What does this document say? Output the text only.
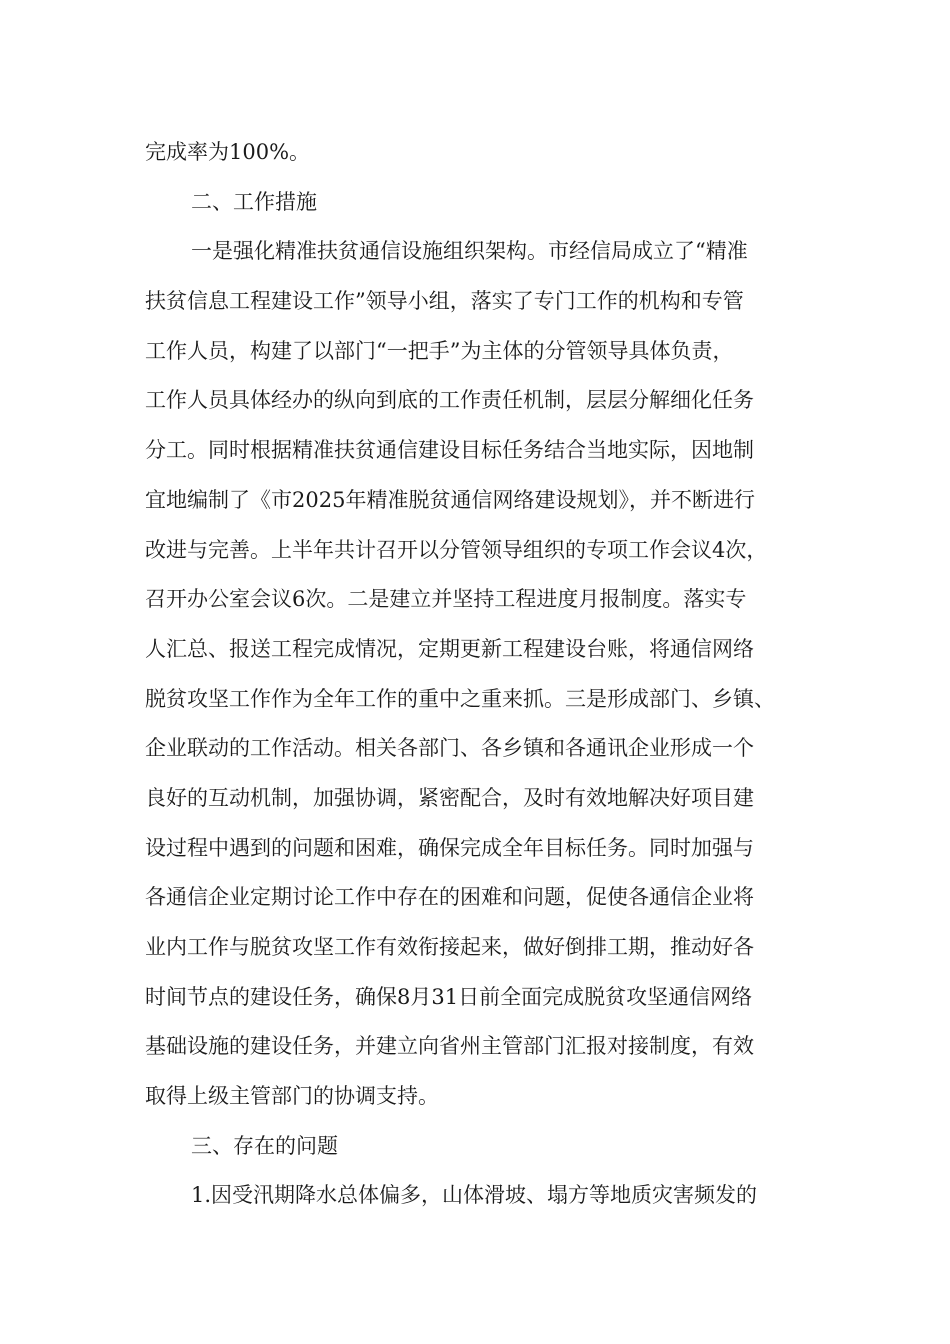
完成率为100%。
二、工作措施
一是强化精准扶贫通信设施组织架构。市经信局成立了“精准
扶贫信息工程建设工作”领导小组，落实了专门工作的机构和专管
工作人员，构建了以部门“一把手”为主体的分管领导具体负责，
工作人员具体经办的纵向到底的工作责任机制，层层分解细化任务
分工。同时根据精准扶贫通信建设目标任务结合当地实际，因地制
宜地编制了《市2025年精准脱贫通信网络建设规划》，并不断进行
改进与完善。上半年共计召开以分管领导组织的专项工作会议4次，
召开办公室会议6次。二是建立并坚持工程进度月报制度。落实专
人汇总、报送工程完成情况，定期更新工程建设台账，将通信网络
脱贫攻坚工作作为全年工作的重中之重来抓。三是形成部门、乡镇、
企业联动的工作活动。相关各部门、各乡镇和各通讯企业形成一个
良好的互动机制，加强协调，紧密配合，及时有效地解决好项目建
设过程中遇到的问题和困难，确保完成全年目标任务。同时加强与
各通信企业定期讨论工作中存在的困难和问题，促使各通信企业将
业内工作与脱贫攻坚工作有效衔接起来，做好倒排工期，推动好各
时间节点的建设任务，确保8月31日前全面完成脱贫攻坚通信网络
基础设施的建设任务，并建立向省州主管部门汇报对接制度，有效
取得上级主管部门的协调支持。
三、存在的问题
1.因受汛期降水总体偏多，山体滑坡、塌方等地质灾害频发的
